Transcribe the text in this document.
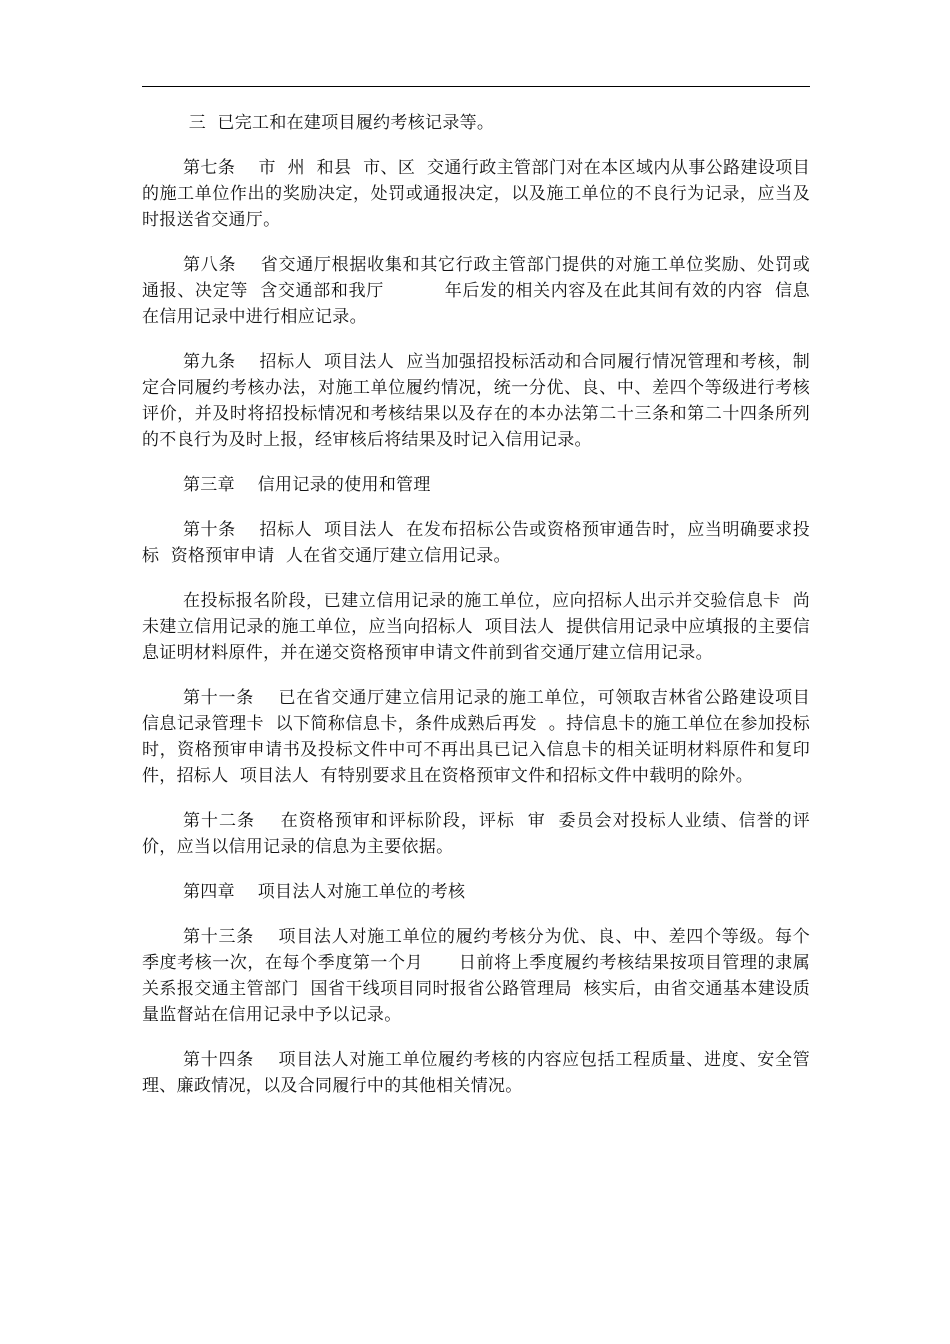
三  已完工和在建项目履约考核记录等。

第七条    市  州  和县  市、区  交通行政主管部门对在本区域内从事公路建设项目的施工单位作出的奖励决定，处罚或通报决定，以及施工单位的不良行为记录，应当及时报送省交通厅。

第八条    省交通厅根据收集和其它行政主管部门提供的对施工单位奖励、处罚或通报、决定等  含交通部和我厅          年后发的相关内容及在此其间有效的内容  信息在信用记录中进行相应记录。

第九条    招标人  项目法人  应当加强招投标活动和合同履行情况管理和考核，制定合同履约考核办法，对施工单位履约情况，统一分优、良、中、差四个等级进行考核评价，并及时将招投标情况和考核结果以及存在的本办法第二十三条和第二十四条所列的不良行为及时上报，经审核后将结果及时记入信用记录。

第三章    信用记录的使用和管理

第十条    招标人  项目法人  在发布招标公告或资格预审通告时，应当明确要求投标  资格预审申请  人在省交通厅建立信用记录。

在投标报名阶段，已建立信用记录的施工单位，应向招标人出示并交验信息卡  尚未建立信用记录的施工单位，应当向招标人  项目法人  提供信用记录中应填报的主要信息证明材料原件，并在递交资格预审申请文件前到省交通厅建立信用记录。

第十一条    已在省交通厅建立信用记录的施工单位，可领取吉林省公路建设项目信息记录管理卡  以下简称信息卡，条件成熟后再发  。持信息卡的施工单位在参加投标时，资格预审申请书及投标文件中可不再出具已记入信息卡的相关证明材料原件和复印件，招标人  项目法人  有特别要求且在资格预审文件和招标文件中载明的除外。

第十二条    在资格预审和评标阶段，评标  审  委员会对投标人业绩、信誉的评价，应当以信用记录的信息为主要依据。

第四章    项目法人对施工单位的考核

第十三条    项目法人对施工单位的履约考核分为优、良、中、差四个等级。每个季度考核一次，在每个季度第一个月      日前将上季度履约考核结果按项目管理的隶属关系报交通主管部门  国省干线项目同时报省公路管理局  核实后，由省交通基本建设质量监督站在信用记录中予以记录。

第十四条    项目法人对施工单位履约考核的内容应包括工程质量、进度、安全管理、廉政情况，以及合同履行中的其他相关情况。
